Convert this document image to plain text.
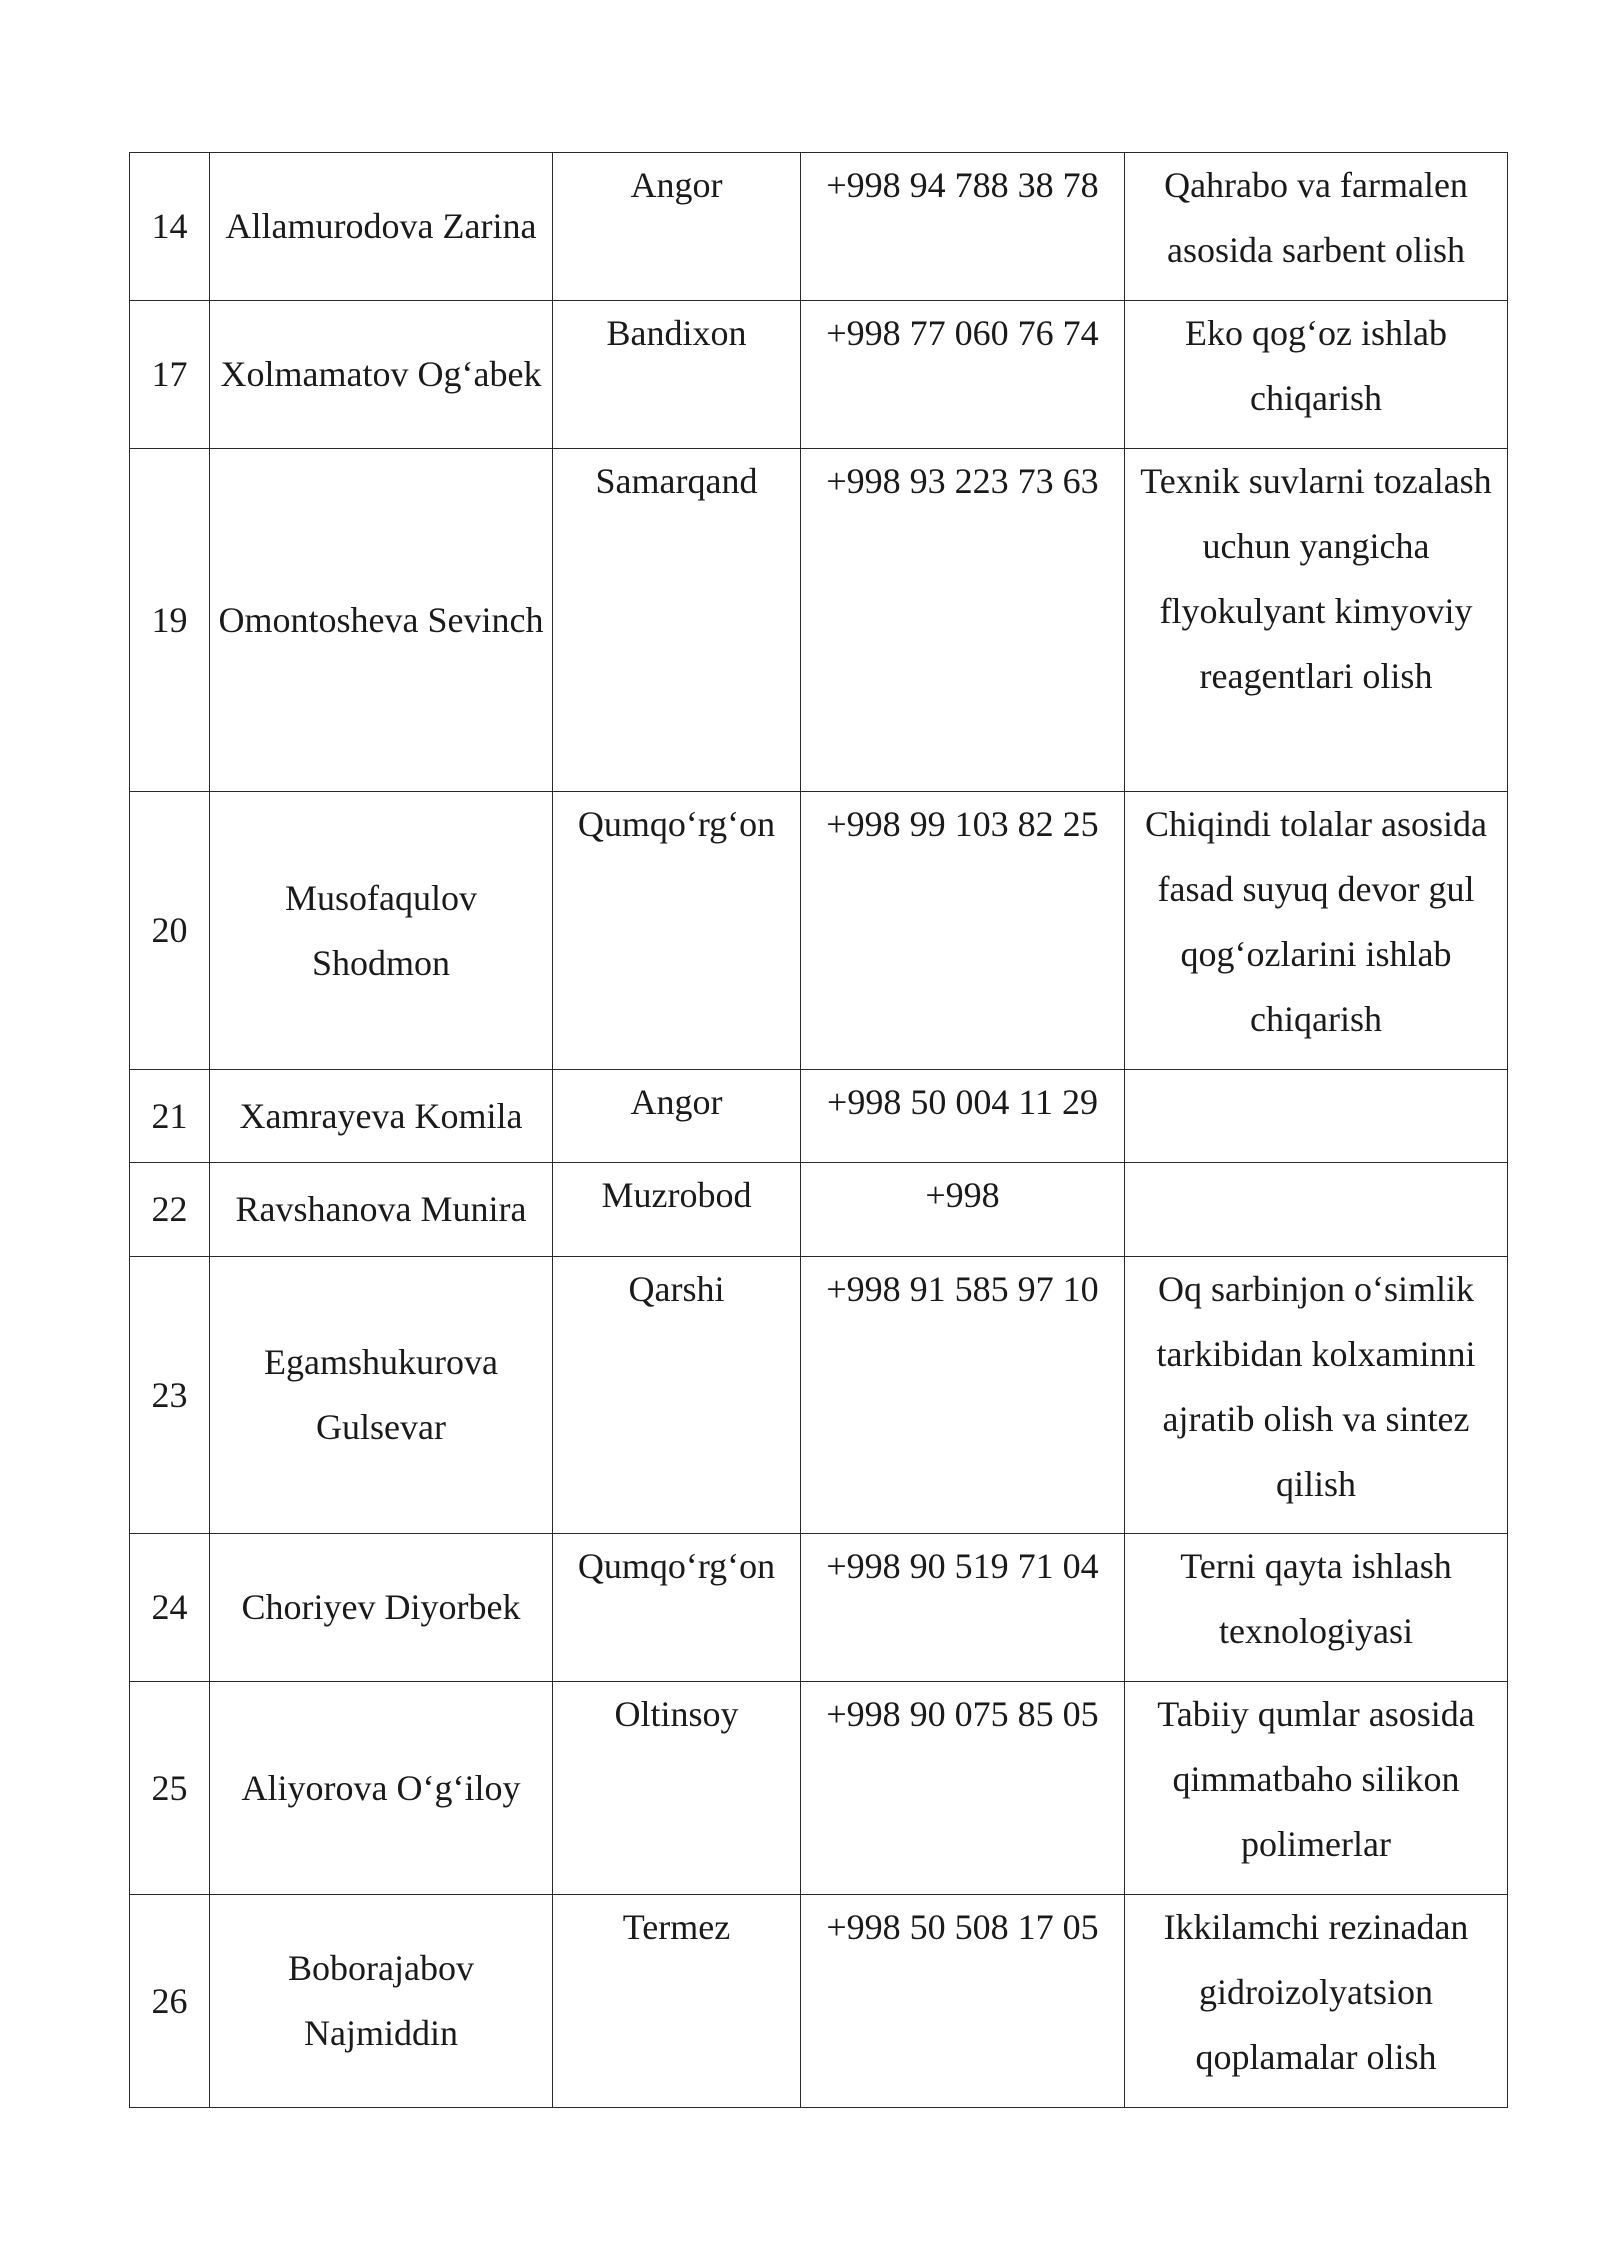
14	Allamurodova Zarina	Angor	+998 94 788 38 78	Qahrabo va farmalen asosida sarbent olish
17	Xolmamatov Og‘abek	Bandixon	+998 77 060 76 74	Eko qog‘oz ishlab chiqarish
19	Omontosheva Sevinch	Samarqand	+998 93 223 73 63	Texnik suvlarni tozalash uchun yangicha flyokulyant kimyoviy reagentlari olish
20	Musofaqulov Shodmon	Qumqo‘rg‘on	+998 99 103 82 25	Chiqindi tolalar asosida fasad suyuq devor gul qog‘ozlarini ishlab chiqarish
21	Xamrayeva Komila	Angor	+998 50 004 11 29	
22	Ravshanova Munira	Muzrobod	+998	
23	Egamshukurova Gulsevar	Qarshi	+998 91 585 97 10	Oq sarbinjon o‘simlik tarkibidan kolxaminni ajratib olish va sintez qilish
24	Choriyev Diyorbek	Qumqo‘rg‘on	+998 90 519 71 04	Terni qayta ishlash texnologiyasi
25	Aliyorova O‘g‘iloy	Oltinsoy	+998 90 075 85 05	Tabiiy qumlar asosida qimmatbaho silikon polimerlar
26	Boborajabov Najmiddin	Termez	+998 50 508 17 05	Ikkilamchi rezinadan gidroizolyatsion qoplamalar olish
